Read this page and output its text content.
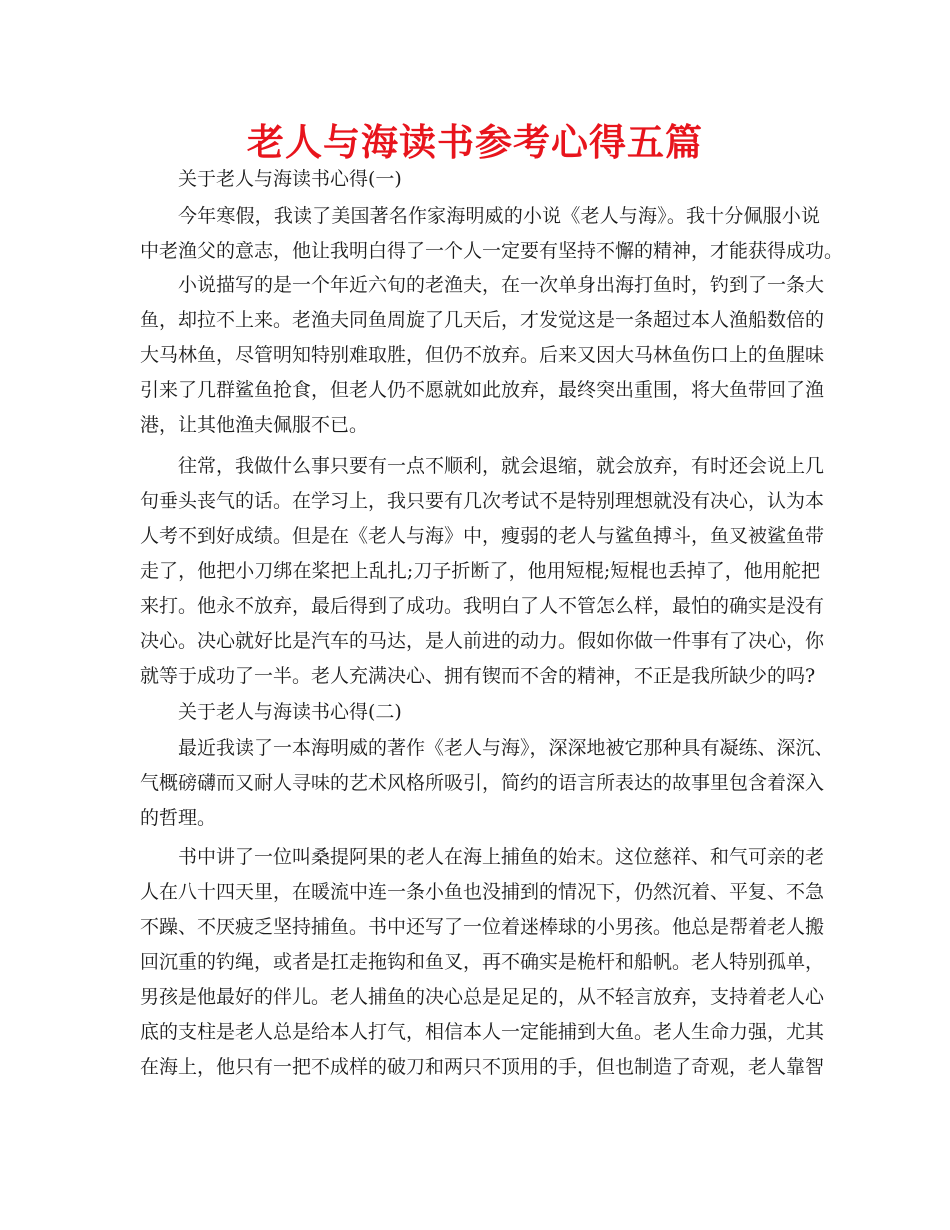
老人与海读书参考心得五篇
关于老人与海读书心得(一)
今年寒假，我读了美国著名作家海明威的小说《老人与海》。我十分佩服小说
中老渔父的意志，他让我明白得了一个人一定要有坚持不懈的精神，才能获得成功。
小说描写的是一个年近六旬的老渔夫，在一次单身出海打鱼时，钓到了一条大
鱼，却拉不上来。老渔夫同鱼周旋了几天后，才发觉这是一条超过本人渔船数倍的
大马林鱼，尽管明知特别难取胜，但仍不放弃。后来又因大马林鱼伤口上的鱼腥味
引来了几群鲨鱼抢食，但老人仍不愿就如此放弃，最终突出重围，将大鱼带回了渔
港，让其他渔夫佩服不已。
往常，我做什么事只要有一点不顺利，就会退缩，就会放弃，有时还会说上几
句垂头丧气的话。在学习上，我只要有几次考试不是特别理想就没有决心，认为本
人考不到好成绩。但是在《老人与海》中，瘦弱的老人与鲨鱼搏斗，鱼叉被鲨鱼带
走了，他把小刀绑在桨把上乱扎;刀子折断了，他用短棍;短棍也丢掉了，他用舵把
来打。他永不放弃，最后得到了成功。我明白了人不管怎么样，最怕的确实是没有
决心。决心就好比是汽车的马达，是人前进的动力。假如你做一件事有了决心，你
就等于成功了一半。老人充满决心、拥有锲而不舍的精神，不正是我所缺少的吗?
关于老人与海读书心得(二)
最近我读了一本海明威的著作《老人与海》，深深地被它那种具有凝练、深沉、
气概磅礴而又耐人寻味的艺术风格所吸引，简约的语言所表达的故事里包含着深入
的哲理。
书中讲了一位叫桑提阿果的老人在海上捕鱼的始末。这位慈祥、和气可亲的老
人在八十四天里，在暖流中连一条小鱼也没捕到的情况下，仍然沉着、平复、不急
不躁、不厌疲乏坚持捕鱼。书中还写了一位着迷棒球的小男孩。他总是帮着老人搬
回沉重的钓绳，或者是扛走拖钩和鱼叉，再不确实是桅杆和船帆。老人特别孤单，
男孩是他最好的伴儿。老人捕鱼的决心总是足足的，从不轻言放弃，支持着老人心
底的支柱是老人总是给本人打气，相信本人一定能捕到大鱼。老人生命力强，尤其
在海上，他只有一把不成样的破刀和两只不顶用的手，但也制造了奇观，老人靠智
